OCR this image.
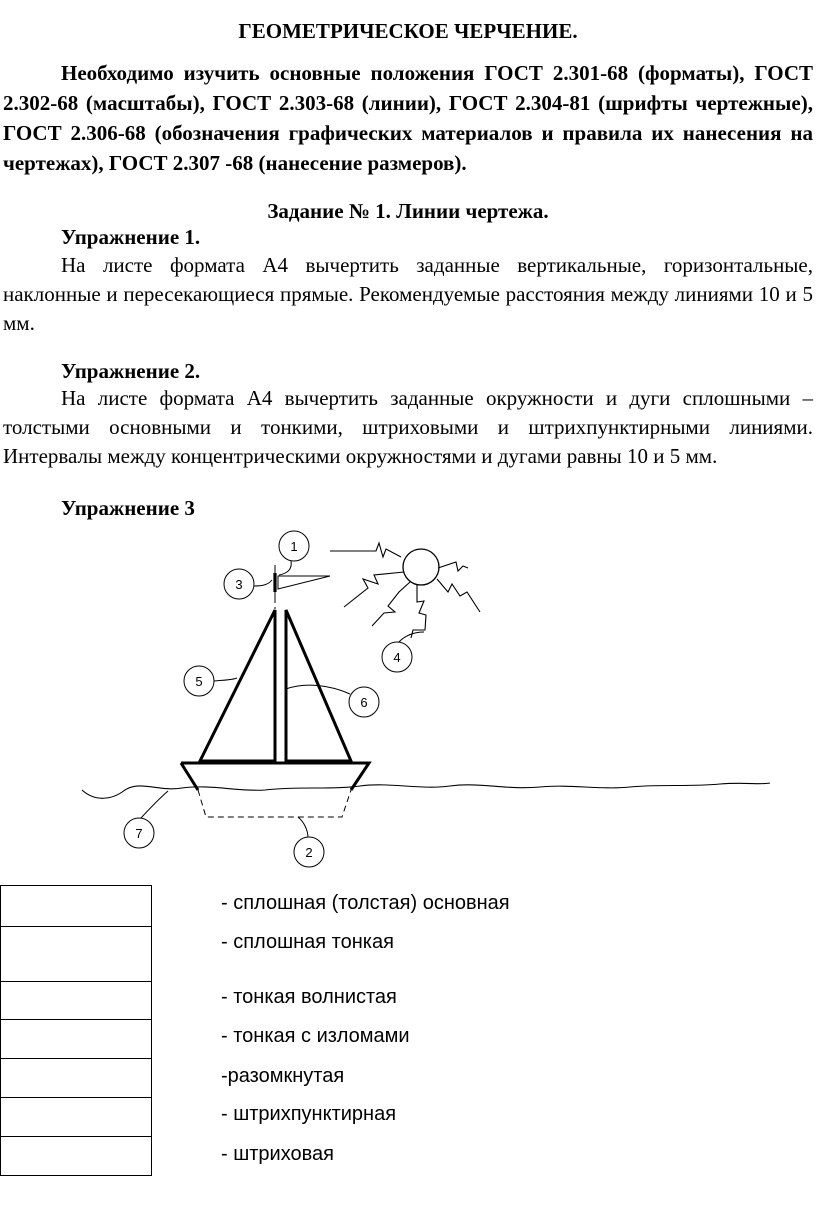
ГЕОМЕТРИЧЕСКОЕ ЧЕРЧЕНИЕ.
Необходимо изучить основные положения ГОСТ 2.301-68 (форматы), ГОСТ 2.302-68 (масштабы), ГОСТ 2.303-68 (линии), ГОСТ 2.304-81 (шрифты чертежные), ГОСТ 2.306-68 (обозначения графических материалов и правила их нанесения на чертежах), ГОСТ 2.307 -68 (нанесение размеров).
Задание № 1. Линии чертежа.
Упражнение 1.
На листе формата А4 вычертить заданные вертикальные, горизонтальные, наклонные и пересекающиеся прямые. Рекомендуемые расстояния между линиями 10 и 5 мм.
Упражнение 2.
На листе формата А4 вычертить заданные окружности и дуги сплошными – толстыми основными и тонкими, штриховыми и штрихпунктирными линиями. Интервалы между концентрическими окружностями и дугами равны 10 и 5 мм.
Упражнение 3
1
2
3
4
5
6
7
- сплошная (толстая) основная
- сплошная тонкая
- тонкая волнистая
- тонкая с изломами
-разомкнутая
- штрихпунктирная
- штриховая
